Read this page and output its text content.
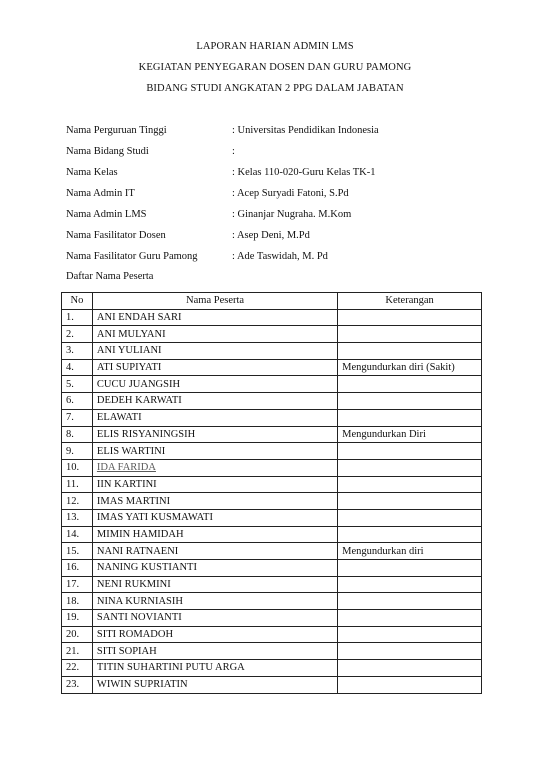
LAPORAN HARIAN ADMIN LMS
KEGIATAN PENYEGARAN DOSEN DAN GURU PAMONG
BIDANG STUDI ANGKATAN 2 PPG DALAM JABATAN
Nama Perguruan Tinggi	: Universitas Pendidikan Indonesia
Nama Bidang Studi	:
Nama Kelas	: Kelas 110-020-Guru Kelas TK-1
Nama Admin IT	: Acep Suryadi Fatoni, S.Pd
Nama Admin LMS	: Ginanjar Nugraha. M.Kom
Nama Fasilitator Dosen	: Asep Deni, M.Pd
Nama Fasilitator Guru Pamong	: Ade Taswidah, M. Pd
Daftar Nama Peserta
No	Nama Peserta	Keterangan
1.	ANI ENDAH SARI	
2.	ANI MULYANI	
3.	ANI YULIANI	
4.	ATI SUPIYATI	Mengundurkan diri (Sakit)
5.	CUCU JUANGSIH	
6.	DEDEH KARWATI	
7.	ELAWATI	
8.	ELIS RISYANINGSIH	Mengundurkan Diri
9.	ELIS WARTINI	
10.	IDA FARIDA	
11.	IIN KARTINI	
12.	IMAS MARTINI	
13.	IMAS YATI KUSMAWATI	
14.	MIMIN HAMIDAH	
15.	NANI RATNAENI	Mengundurkan diri
16.	NANING KUSTIANTI	
17.	NENI RUKMINI	
18.	NINA KURNIASIH	
19.	SANTI NOVIANTI	
20.	SITI ROMADOH	
21.	SITI SOPIAH	
22.	TITIN SUHARTINI PUTU ARGA	
23.	WIWIN SUPRIATIN	
